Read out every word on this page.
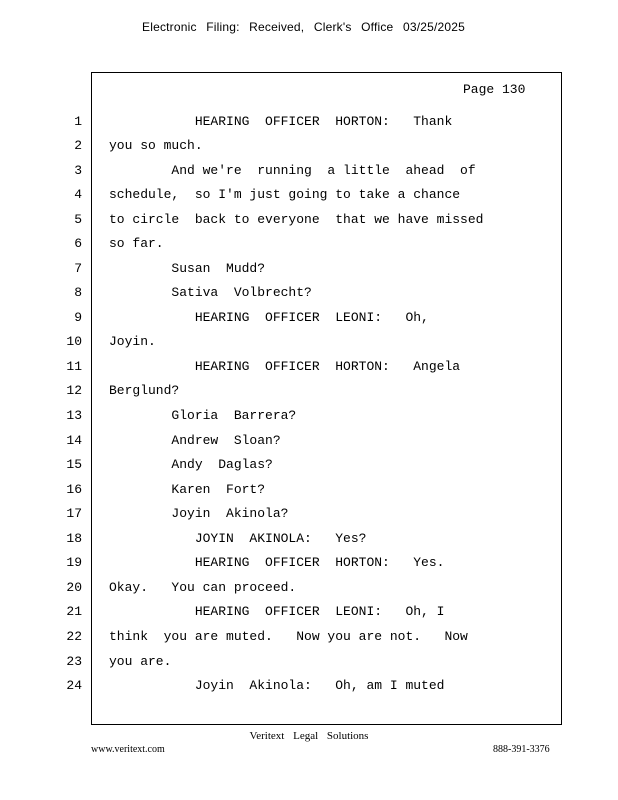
Electronic Filing: Received, Clerk's Office 03/25/2025
Page 130
1 HEARING  OFFICER  HORTON:   Thank
2 you so much.
3 And we're  running  a little  ahead  of
4 schedule,  so I'm just going to take a chance
5 to circle  back to everyone  that we have missed
6 so far.
7 Susan  Mudd?
8 Sativa  Volbrecht?
9 HEARING  OFFICER  LEONI:   Oh,
10 Joyin.
11 HEARING  OFFICER  HORTON:   Angela
12 Berglund?
13 Gloria  Barrera?
14 Andrew  Sloan?
15 Andy  Daglas?
16 Karen  Fort?
17 Joyin  Akinola?
18 JOYIN  AKINOLA:   Yes?
19 HEARING  OFFICER  HORTON:   Yes.
20 Okay.   You can proceed.
21 HEARING  OFFICER  LEONI:   Oh, I
22 think  you are muted.   Now you are not.   Now
23 you are.
24 Joyin  Akinola:   Oh, am I muted
Veritext Legal Solutions
www.veritext.com	888-391-3376
